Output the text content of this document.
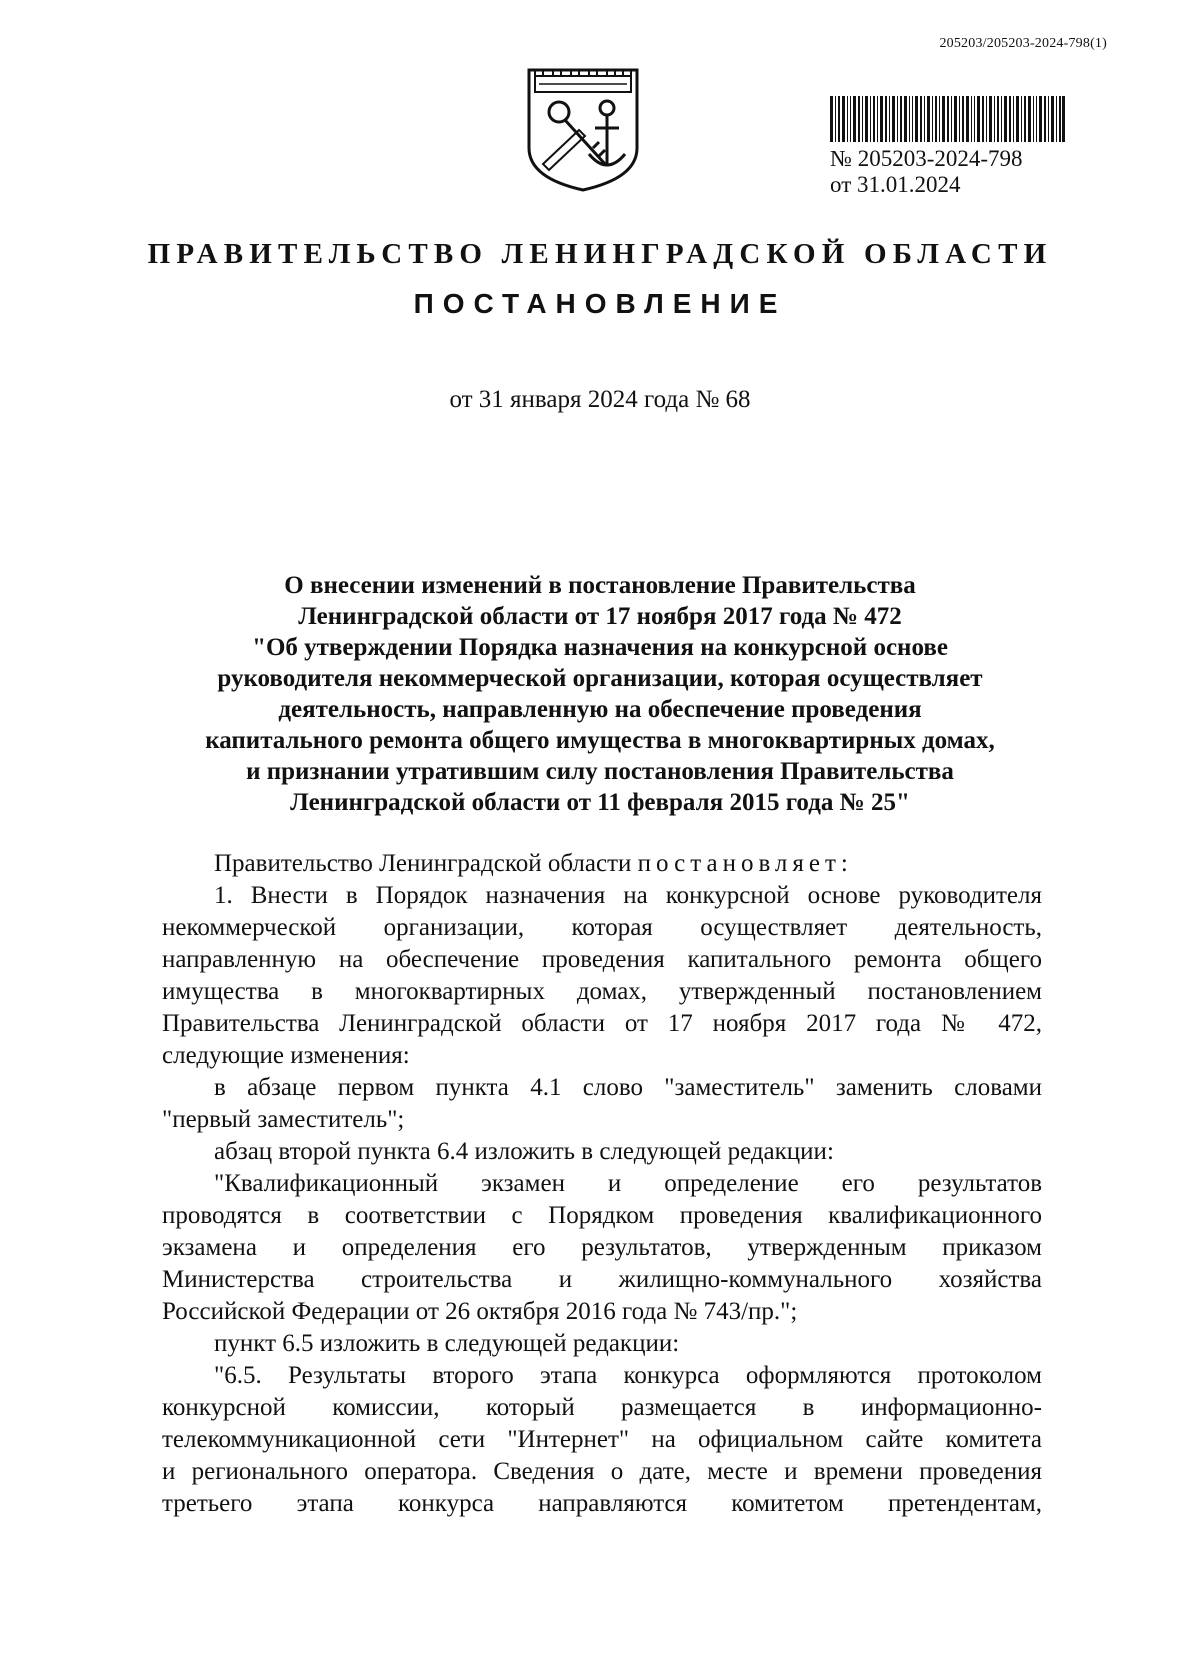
205203/205203-2024-798(1)
№ 205203-2024-798
от 31.01.2024
ПРАВИТЕЛЬСТВО ЛЕНИНГРАДСКОЙ ОБЛАСТИ
ПОСТАНОВЛЕНИЕ
от 31 января 2024 года № 68
О внесении изменений в постановление Правительства
Ленинградской области от 17 ноября 2017 года № 472
"Об утверждении Порядка назначения на конкурсной основе
руководителя некоммерческой организации, которая осуществляет
деятельность, направленную на обеспечение проведения
капитального ремонта общего имущества в многоквартирных домах,
и признании утратившим силу постановления Правительства
Ленинградской области от 11 февраля 2015 года № 25"
Правительство Ленинградской области постановляет:
1. Внести в Порядок назначения на конкурсной основе руководителя
некоммерческой организации, которая осуществляет деятельность,
направленную на обеспечение проведения капитального ремонта общего
имущества в многоквартирных домах, утвержденный постановлением
Правительства Ленинградской области от 17 ноября 2017 года № 472,
следующие изменения:
в абзаце первом пункта 4.1 слово "заместитель" заменить словами
"первый заместитель";
абзац второй пункта 6.4 изложить в следующей редакции:
"Квалификационный экзамен и определение его результатов
проводятся в соответствии с Порядком проведения квалификационного
экзамена и определения его результатов, утвержденным приказом
Министерства строительства и жилищно-коммунального хозяйства
Российской Федерации от 26 октября 2016 года № 743/пр.";
пункт 6.5 изложить в следующей редакции:
"6.5. Результаты второго этапа конкурса оформляются протоколом
конкурсной комиссии, который размещается в информационно-
телекоммуникационной сети "Интернет" на официальном сайте комитета
и регионального оператора. Сведения о дате, месте и времени проведения
третьего этапа конкурса направляются комитетом претендентам,
